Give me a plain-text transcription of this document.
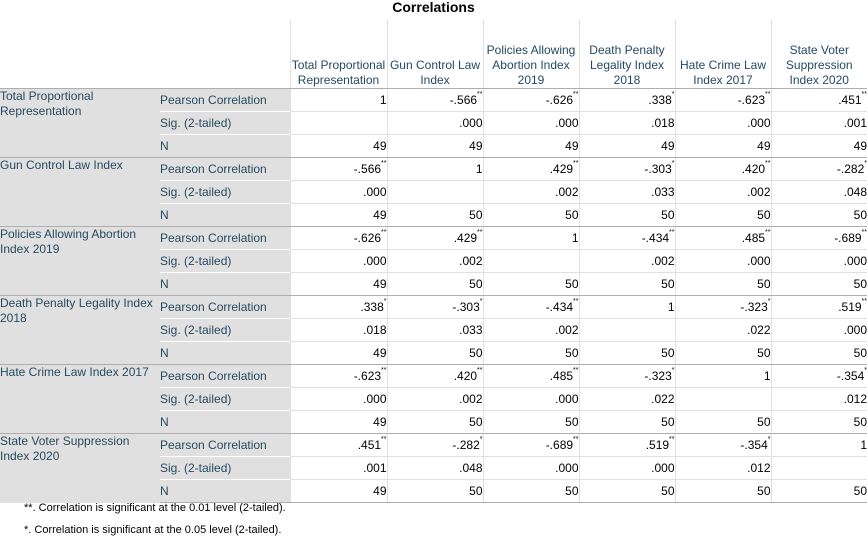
Correlations
		Total Proportional Representation	Gun Control Law Index	Policies Allowing Abortion Index 2019	Death Penalty Legality Index 2018	Hate Crime Law Index 2017	State Voter Suppression Index 2020
Total Proportional Representation	Pearson Correlation	1	-.566**	-.626**	.338*	-.623**	.451**
	Sig. (2-tailed)		.000	.000	.018	.000	.001
	N	49	49	49	49	49	49
Gun Control Law Index	Pearson Correlation	-.566**	1	.429**	-.303*	.420**	-.282*
	Sig. (2-tailed)	.000		.002	.033	.002	.048
	N	49	50	50	50	50	50
Policies Allowing Abortion Index 2019	Pearson Correlation	-.626**	.429**	1	-.434**	.485**	-.689**
	Sig. (2-tailed)	.000	.002		.002	.000	.000
	N	49	50	50	50	50	50
Death Penalty Legality Index 2018	Pearson Correlation	.338*	-.303*	-.434**	1	-.323*	.519**
	Sig. (2-tailed)	.018	.033	.002		.022	.000
	N	49	50	50	50	50	50
Hate Crime Law Index 2017	Pearson Correlation	-.623**	.420**	.485**	-.323*	1	-.354*
	Sig. (2-tailed)	.000	.002	.000	.022		.012
	N	49	50	50	50	50	50
State Voter Suppression Index 2020	Pearson Correlation	.451**	-.282*	-.689**	.519**	-.354*	1
	Sig. (2-tailed)	.001	.048	.000	.000	.012	
	N	49	50	50	50	50	50
**. Correlation is significant at the 0.01 level (2-tailed).
*. Correlation is significant at the 0.05 level (2-tailed).
